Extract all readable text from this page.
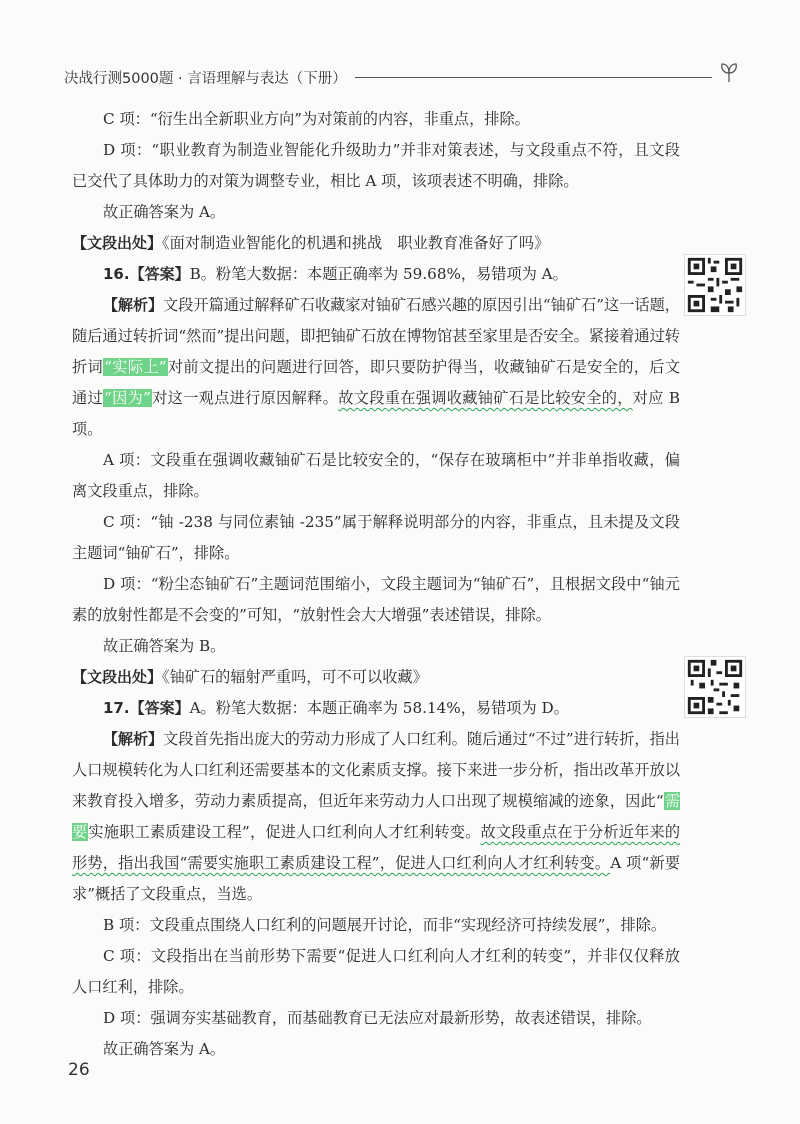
决战行测5000题 · 言语理解与表达（下册）

C 项：“衍生出全新职业方向”为对策前的内容，非重点，排除。

D 项：“职业教育为制造业智能化升级助力”并非对策表述，与文段重点不符，且文段已交代了具体助力的对策为调整专业，相比 A 项，该项表述不明确，排除。

故正确答案为 A。

【文段出处】《面对制造业智能化的机遇和挑战　职业教育准备好了吗》

16.【答案】B。粉笔大数据：本题正确率为 59.68%，易错项为 A。

【解析】文段开篇通过解释矿石收藏家对铀矿石感兴趣的原因引出“铀矿石”这一话题，随后通过转折词“然而”提出问题，即把铀矿石放在博物馆甚至家里是否安全。紧接着通过转折词“实际上”对前文提出的问题进行回答，即只要防护得当，收藏铀矿石是安全的，后文通过“因为”对这一观点进行原因解释。故文段重在强调收藏铀矿石是比较安全的，对应 B 项。

A 项：文段重在强调收藏铀矿石是比较安全的，“保存在玻璃柜中”并非单指收藏，偏离文段重点，排除。

C 项：“铀 -238 与同位素铀 -235”属于解释说明部分的内容，非重点，且未提及文段主题词“铀矿石”，排除。

D 项：“粉尘态铀矿石”主题词范围缩小，文段主题词为“铀矿石”，且根据文段中“铀元素的放射性都是不会变的”可知，“放射性会大大增强”表述错误，排除。

故正确答案为 B。

【文段出处】《铀矿石的辐射严重吗，可不可以收藏》

17.【答案】A。粉笔大数据：本题正确率为 58.14%，易错项为 D。

【解析】文段首先指出庞大的劳动力形成了人口红利。随后通过“不过”进行转折，指出人口规模转化为人口红利还需要基本的文化素质支撑。接下来进一步分析，指出改革开放以来教育投入增多，劳动力素质提高，但近年来劳动力人口出现了规模缩减的迹象，因此“需要实施职工素质建设工程”，促进人口红利向人才红利转变。故文段重点在于分析近年来的形势，指出我国“需要实施职工素质建设工程”，促进人口红利向人才红利转变。A 项“新要求”概括了文段重点，当选。

B 项：文段重点围绕人口红利的问题展开讨论，而非“实现经济可持续发展”，排除。

C 项：文段指出在当前形势下需要“促进人口红利向人才红利的转变”，并非仅仅释放人口红利，排除。

D 项：强调夯实基础教育，而基础教育已无法应对最新形势，故表述错误，排除。

故正确答案为 A。

26
